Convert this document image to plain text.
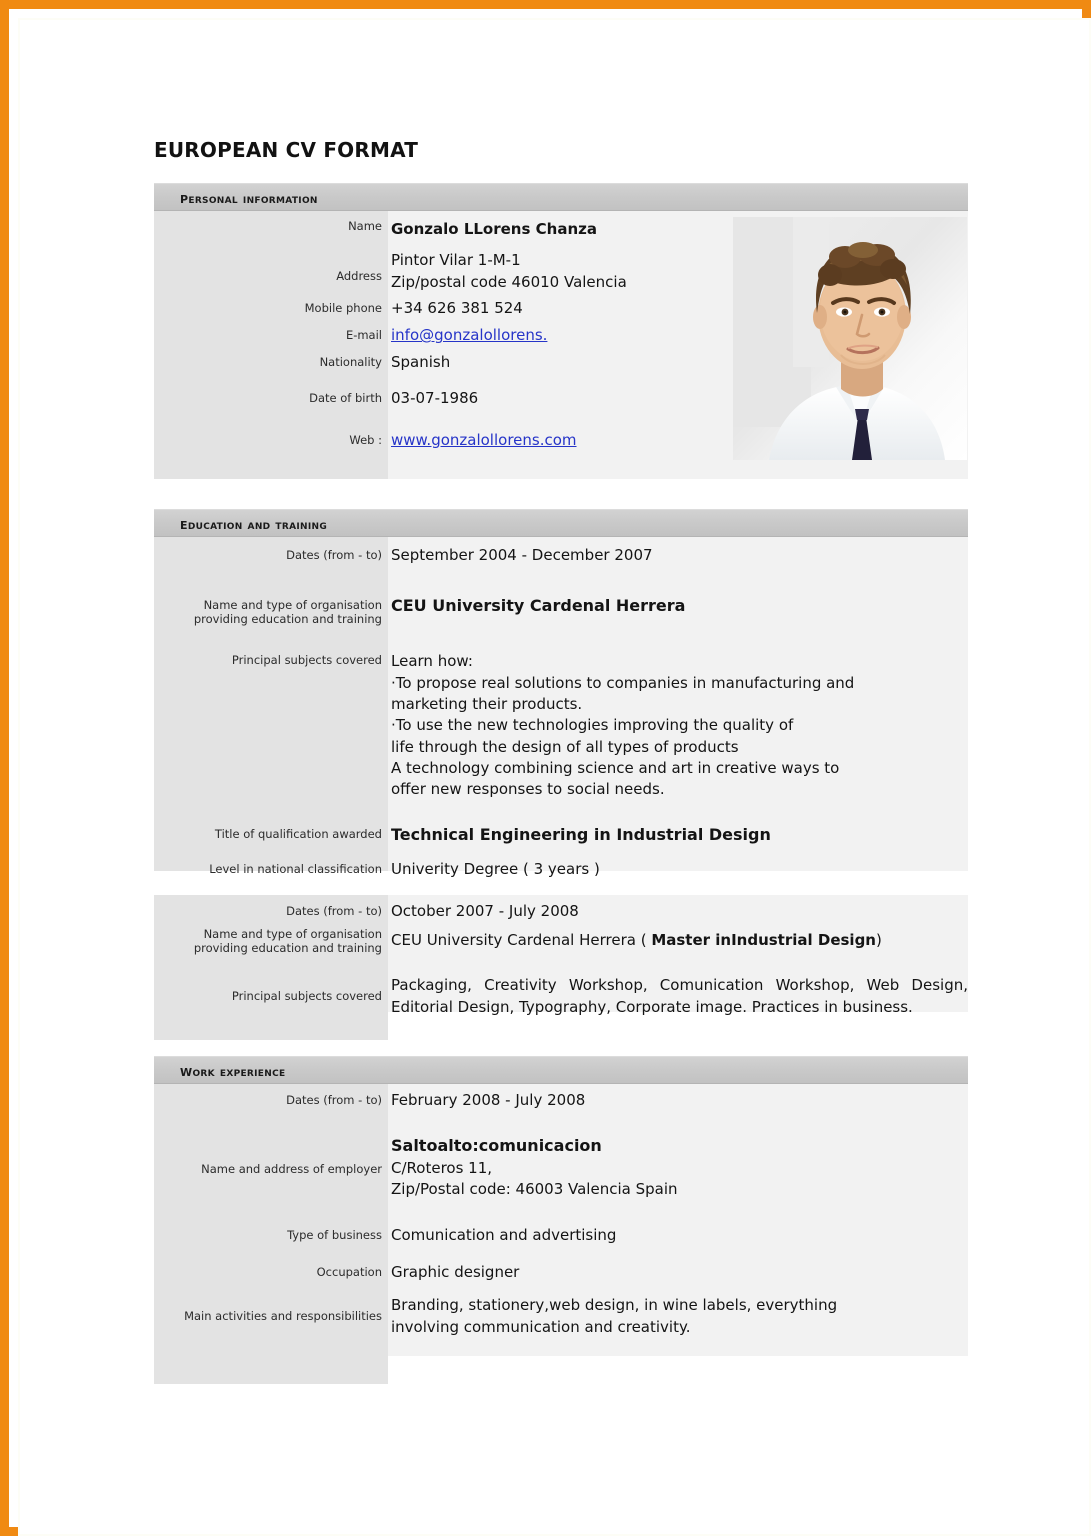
EUROPEAN CV FORMAT
personal information
Name Gonzalo LLorens Chanza
Address
Pintor Vilar 1-M-1
Zip/postal code 46010 Valencia
Mobile phone +34 626 381 524
E-mail info@gonzalollorens.
Nationality Spanish
Date of birth 03-07-1986
Web : www.gonzalollorens.com
education and training
Dates (from - to) September 2004 - December 2007
Name and type of organisation
providing education and training
CEU University Cardenal Herrera
Principal subjects covered Learn how:
·To propose real solutions to companies in manufacturing and
marketing their products.
·To use the new technologies improving the quality of
life through the design of all types of products
A technology combining science and art in creative ways to
offer new responses to social needs.
Title of qualification awarded Technical Engineering in Industrial Design
Level in national classification Univerity Degree ( 3 years )
Dates (from - to) October 2007 - July 2008
Name and type of organisation
providing education and training CEU University Cardenal Herrera ( Master inIndustrial Design)
Principal subjects covered
Packaging, Creativity Workshop, Comunication Workshop, Web Design,
Editorial Design, Typography, Corporate image. Practices in business.
work experience
Dates (from - to) February 2008 - July 2008
Name and address of employer
Saltoalto:comunicacion
C/Roteros 11,
Zip/Postal code: 46003 Valencia Spain
Type of business Comunication and advertising
Occupation Graphic designer
Main activities and responsibilities
Branding, stationery,web design, in wine labels, everything
involving communication and creativity.
